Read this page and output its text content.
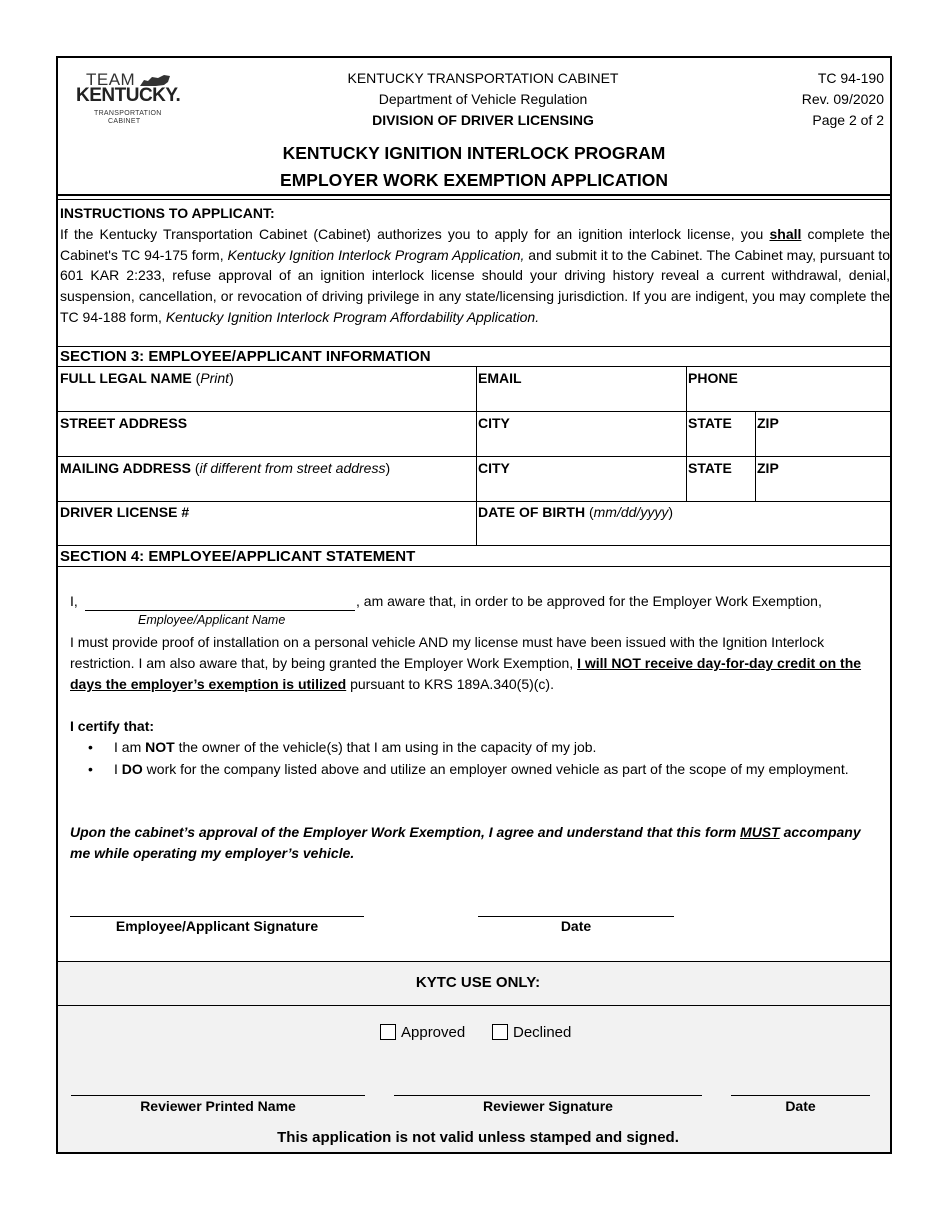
TEAM
KENTUCKY.
TRANSPORTATION
CABINET
KENTUCKY TRANSPORTATION CABINET
Department of Vehicle Regulation
DIVISION OF DRIVER LICENSING
TC 94-190
Rev. 09/2020
Page 2 of 2
KENTUCKY IGNITION INTERLOCK PROGRAM
EMPLOYER WORK EXEMPTION APPLICATION
INSTRUCTIONS TO APPLICANT:
If the Kentucky Transportation Cabinet (Cabinet) authorizes you to apply for an ignition interlock license, you shall complete the Cabinet's TC 94-175 form, Kentucky Ignition Interlock Program Application, and submit it to the Cabinet. The Cabinet may, pursuant to 601 KAR 2:233, refuse approval of an ignition interlock license should your driving history reveal a current withdrawal, denial, suspension, cancellation, or revocation of driving privilege in any state/licensing jurisdiction. If you are indigent, you may complete the TC 94-188 form, Kentucky Ignition Interlock Program Affordability Application.
SECTION 3: EMPLOYEE/APPLICANT INFORMATION
FULL LEGAL NAME (Print)	EMAIL	PHONE
STREET ADDRESS	CITY	STATE ZIP
MAILING ADDRESS (if different from street address)	CITY	STATE ZIP
DRIVER LICENSE #	DATE OF BIRTH (mm/dd/yyyy)
SECTION 4: EMPLOYEE/APPLICANT STATEMENT
I,	, am aware that, in order to be approved for the Employer Work Exemption,
Employee/Applicant Name
I must provide proof of installation on a personal vehicle AND my license must have been issued with the Ignition Interlock restriction. I am also aware that, by being granted the Employer Work Exemption, I will NOT receive day-for-day credit on the days the employer’s exemption is utilized pursuant to KRS 189A.340(5)(c).
I certify that:
• I am NOT the owner of the vehicle(s) that I am using in the capacity of my job.
• I DO work for the company listed above and utilize an employer owned vehicle as part of the scope of my employment.
Upon the cabinet’s approval of the Employer Work Exemption, I agree and understand that this form MUST accompany me while operating my employer’s vehicle.
Employee/Applicant Signature	Date
KYTC USE ONLY:
Approved	Declined
Reviewer Printed Name	Reviewer Signature	Date
This application is not valid unless stamped and signed.
